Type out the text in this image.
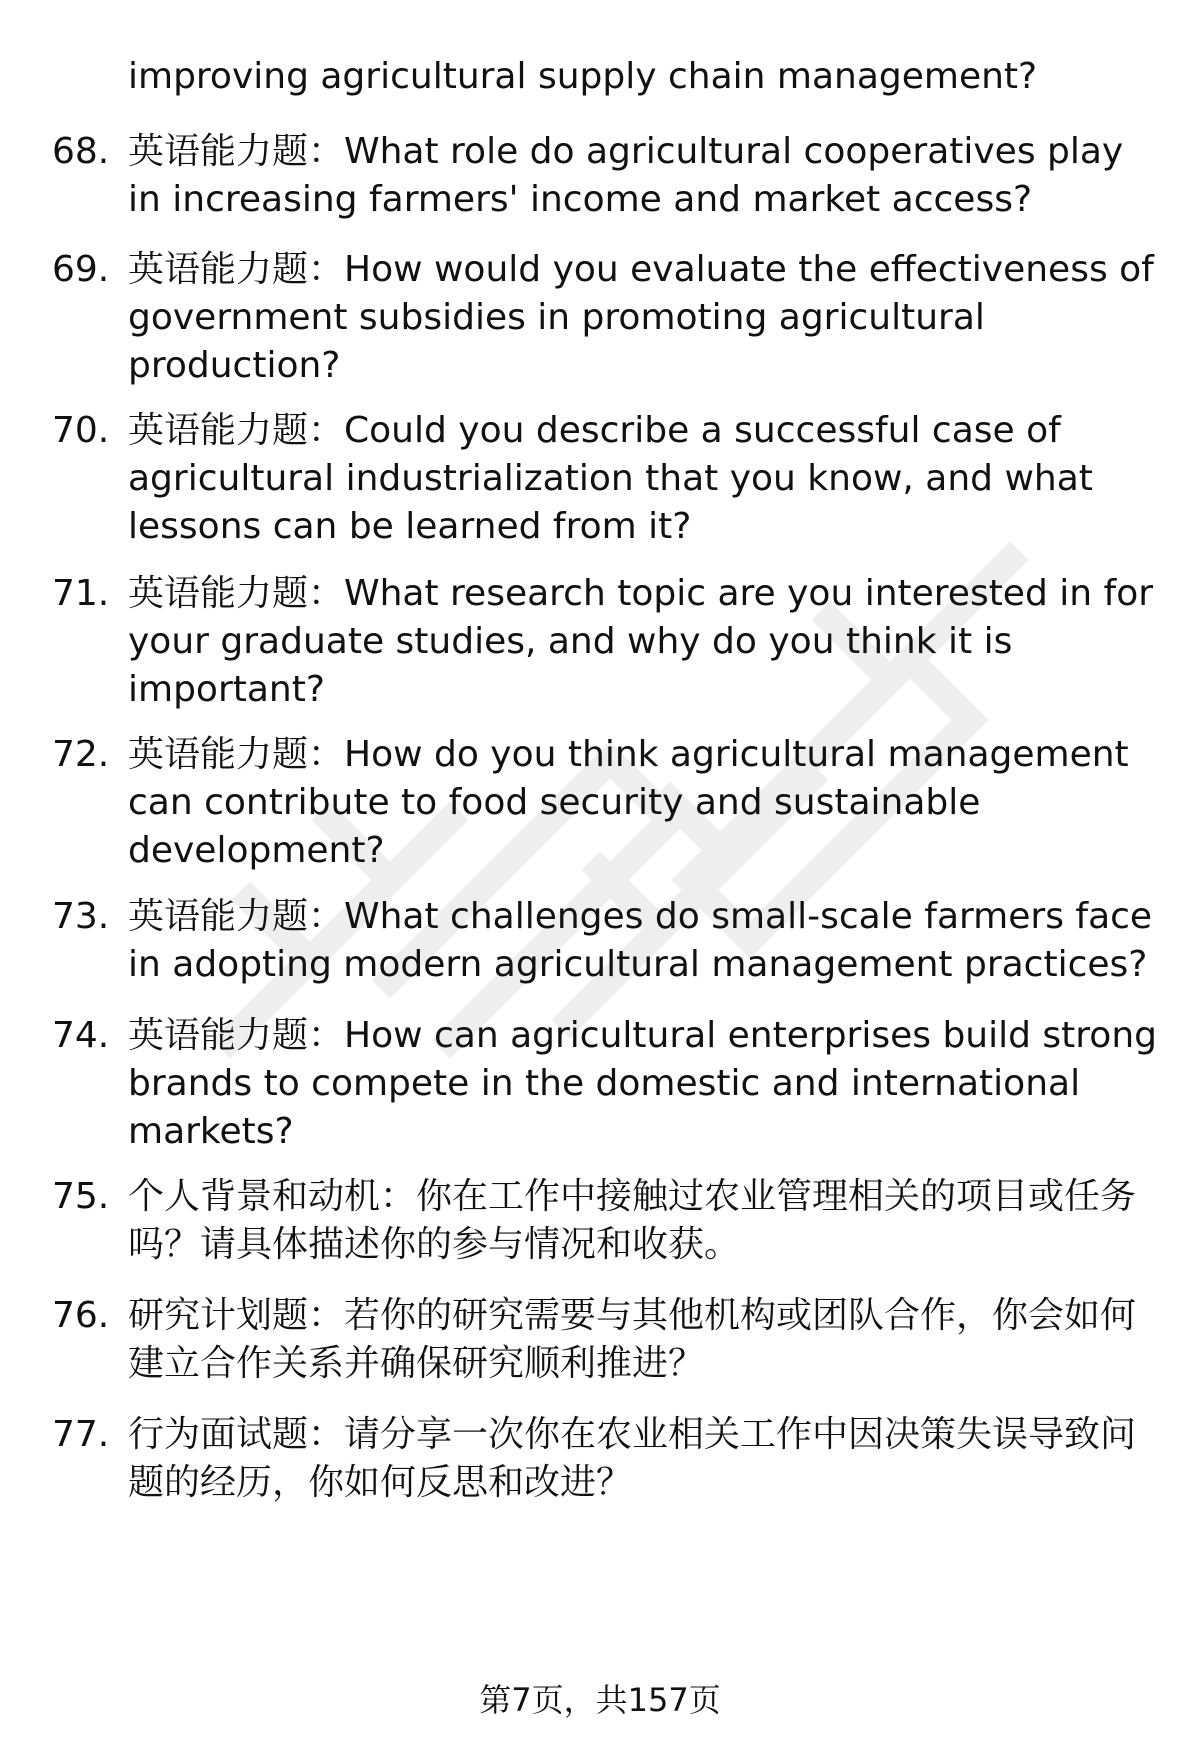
improving agricultural supply chain management?

68. 英语能力题：What role do agricultural cooperatives play in increasing farmers' income and market access?

69. 英语能力题：How would you evaluate the effectiveness of government subsidies in promoting agricultural production?

70. 英语能力题：Could you describe a successful case of agricultural industrialization that you know, and what lessons can be learned from it?

71. 英语能力题：What research topic are you interested in for your graduate studies, and why do you think it is important?

72. 英语能力题：How do you think agricultural management can contribute to food security and sustainable development?

73. 英语能力题：What challenges do small-scale farmers face in adopting modern agricultural management practices?

74. 英语能力题：How can agricultural enterprises build strong brands to compete in the domestic and international markets?

75. 个人背景和动机：你在工作中接触过农业管理相关的项目或任务吗？请具体描述你的参与情况和收获。

76. 研究计划题：若你的研究需要与其他机构或团队合作，你会如何建立合作关系并确保研究顺利推进？

77. 行为面试题：请分享一次你在农业相关工作中因决策失误导致问题的经历，你如何反思和改进？

第7页，共157页
